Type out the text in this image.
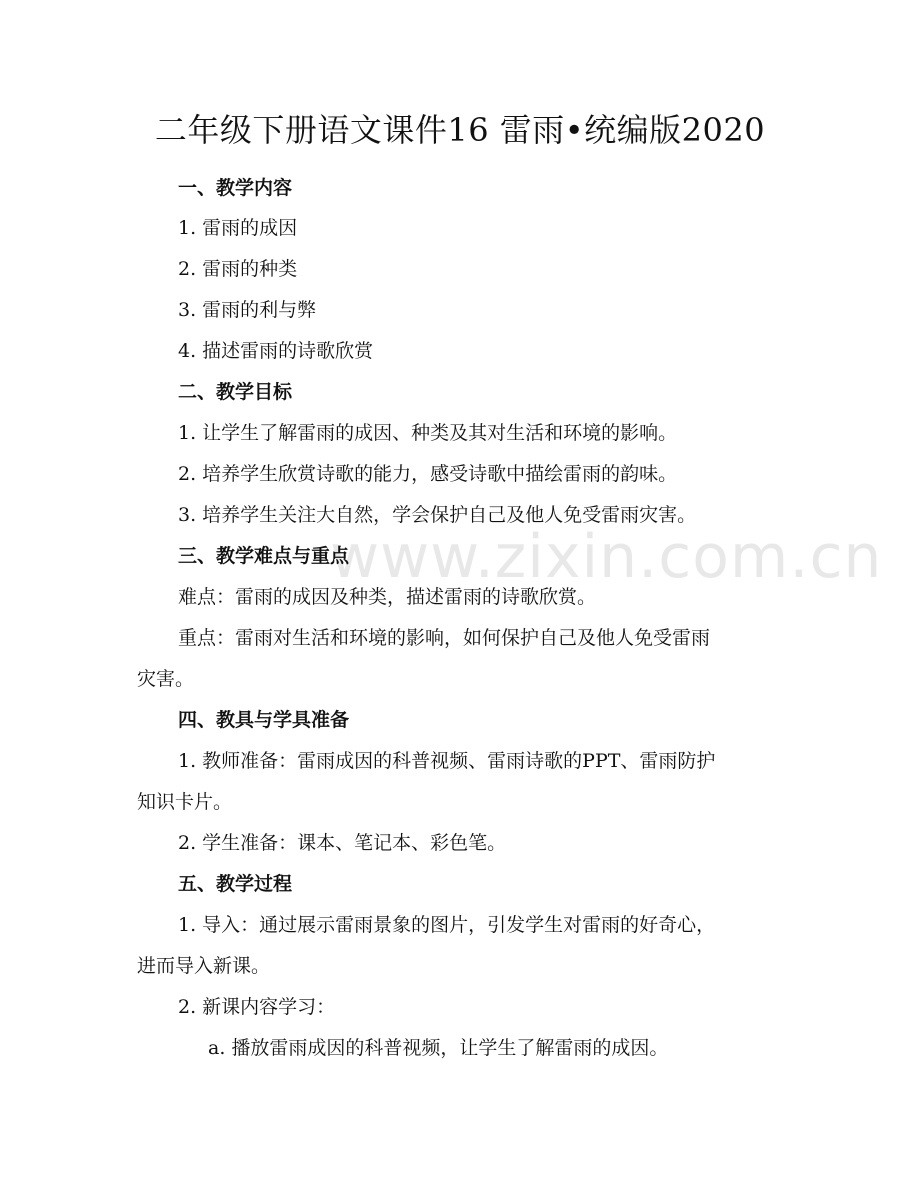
www.zixin.com.cn
二年级下册语文课件16 雷雨•统编版2020
一、教学内容
1. 雷雨的成因
2. 雷雨的种类
3. 雷雨的利与弊
4. 描述雷雨的诗歌欣赏
二、教学目标
1. 让学生了解雷雨的成因、种类及其对生活和环境的影响。
2. 培养学生欣赏诗歌的能力，感受诗歌中描绘雷雨的韵味。
3. 培养学生关注大自然，学会保护自己及他人免受雷雨灾害。
三、教学难点与重点
难点：雷雨的成因及种类，描述雷雨的诗歌欣赏。
重点：雷雨对生活和环境的影响，如何保护自己及他人免受雷雨
灾害。
四、教具与学具准备
1. 教师准备：雷雨成因的科普视频、雷雨诗歌的PPT、雷雨防护
知识卡片。
2. 学生准备：课本、笔记本、彩色笔。
五、教学过程
1. 导入：通过展示雷雨景象的图片，引发学生对雷雨的好奇心，
进而导入新课。
2. 新课内容学习：
a. 播放雷雨成因的科普视频，让学生了解雷雨的成因。
